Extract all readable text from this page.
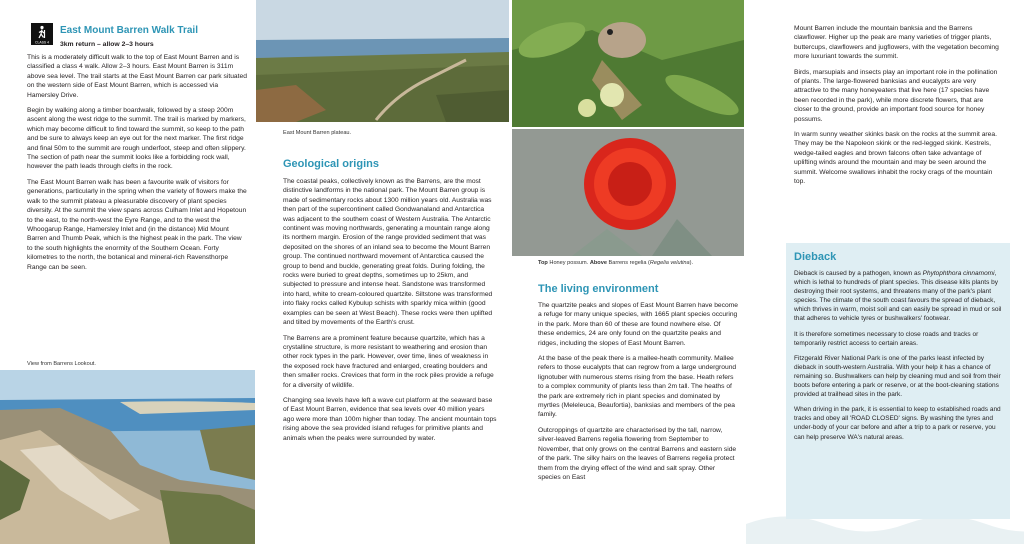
CLASS 4
East Mount Barren Walk Trail

3km return – allow 2–3 hours

This is a moderately difficult walk to the top of East Mount Barren and is classified a class 4 walk. Allow 2–3 hours. East Mount Barren is 311m above sea level. The trail starts at the East Mount Barren car park situated on the western side of East Mount Barren, which is accessed via Hamersley Drive.

Begin by walking along a timber boardwalk, followed by a steep 200m ascent along the west ridge to the summit. The trail is marked by markers, which may become difficult to find toward the summit, so keep to the path and be sure to always keep an eye out for the next marker. The first ridge and final 50m to the summit are rough underfoot, steep and often slippery. The section of path near the summit looks like a forbidding rock wall, however the path leads through clefts in the rock.

The East Mount Barren walk has been a favourite walk of visitors for generations, particularly in the spring when the variety of flowers make the walk to the summit plateau a pleasurable discovery of plant species diversity. At the summit the view spans across Culham Inlet and Hopetoun to the east, to the north-west the Eyre Range, and to the west the Whoogarup Range, Hamersley Inlet and (in the distance) Mid Mount Barren and Thumb Peak, which is the highest peak in the park. The view to the south highlights the enormity of the Southern Ocean. Forty kilometres to the north, the botanical and mineral-rich Ravensthorpe Range can be seen.

View from Barrens Lookout.
East Mount Barren plateau.
Geological origins

The coastal peaks, collectively known as the Barrens, are the most distinctive landforms in the national park. The Mount Barren group is made of sedimentary rocks about 1300 million years old. Australia was then part of the supercontinent called Gondwanaland and Antarctica was adjacent to the southern coast of Western Australia. The Antarctic continent was moving northwards, generating a mountain range along its northern margin. Erosion of the range provided sediment that was deposited on the shores of an inland sea to become the Mount Barren group. The continued northward movement of Antarctica caused the group to bend and buckle, generating great folds. During folding, the rocks were buried to great depths, sometimes up to 25km, and subjected to pressure and intense heat. Sandstone was transformed into hard, white to cream-coloured quartzite. Siltstone was transformed into flaky rocks called Kybulup schists with sparkly mica within (good examples can be seen at West Beach). These rocks were then uplifted and tilted by movements of the Earth's crust.

The Barrens are a prominent feature because quartzite, which has a crystalline structure, is more resistant to weathering and erosion than other rock types in the park. However, over time, lines of weakness in the exposed rock have fractured and enlarged, creating boulders and then smaller rocks. Crevices that form in the rock piles provide a refuge for a diversity of wildlife.

Changing sea levels have left a wave cut platform at the seaward base of East Mount Barren, evidence that sea levels over 40 million years ago were more than 100m higher than today. The ancient mountain tops rising above the sea provided island refuges for primitive plants and animals when the peaks were surrounded by water.

Top Honey possum. Above Barrens regelia (Regelia velutina).
The living environment

The quartzite peaks and slopes of East Mount Barren have become a refuge for many unique species, with 1665 plant species occuring in the park. More than 60 of these are found nowhere else. Of these endemics, 24 are only found on the quartzite peaks and ridges, including the slopes of East Mount Barren.

At the base of the peak there is a mallee-heath community. Mallee refers to those eucalypts that can regrow from a large underground lignotuber with numerous stems rising from the base. Heath refers to a complex community of plants less than 2m tall. The heaths of the park are extremely rich in plant species and dominated by myrtles (Meleleuca, Beaufortia), banksias and members of the pea family.

Outcroppings of quartzite are characterised by the tall, narrow, silver-leaved Barrens regelia flowering from September to November, that only grows on the central Barrens and eastern side of the park. The silky hairs on the leaves of Barrens regelia protect them from the drying effect of the wind and salt spray. Other species on East

Mount Barren include the mountain banksia and the Barrens clawflower. Higher up the peak are many varieties of trigger plants, buttercups, clawflowers and jugflowers, with the vegetation becoming more luxuriant towards the summit.

Birds, marsupials and insects play an important role in the pollination of plants. The large-flowered banksias and eucalypts are very attractive to the many honeyeaters that live here (17 species have been recorded in the park), while more discrete flowers, that are closer to the ground, provide an important food source for honey possums.

In warm sunny weather skinks bask on the rocks at the summit area. They may be the Napoleon skink or the red-legged skink. Kestrels, wedge-tailed eagles and brown falcons often take advantage of uplifting winds around the mountain and may be seen around the summit. Welcome swallows inhabit the rocky crags of the mountain top.

Dieback

Dieback is caused by a pathogen, known as Phytophthora cinnamomi, which is lethal to hundreds of plant species. This disease kills plants by destroying their root systems, and threatens many of the park's plant species. The climate of the south coast favours the spread of dieback, which thrives in warm, moist soil and can easily be spread in mud or soil that adheres to vehicle tyres or bushwalkers' footwear.

It is therefore sometimes necessary to close roads and tracks or temporarily restrict access to certain areas.

Fitzgerald River National Park is one of the parks least infected by dieback in south-western Australia. With your help it has a chance of remaining so. Bushwalkers can help by cleaning mud and soil from their boots before entering a park or reserve, or at the boot-cleaning stations provided at trailhead sites in the park.

When driving in the park, it is essential to keep to established roads and tracks and obey all 'ROAD CLOSED' signs. By washing the tyres and under-body of your car before and after a trip to a park or reserve, you can help preserve WA's natural areas.
